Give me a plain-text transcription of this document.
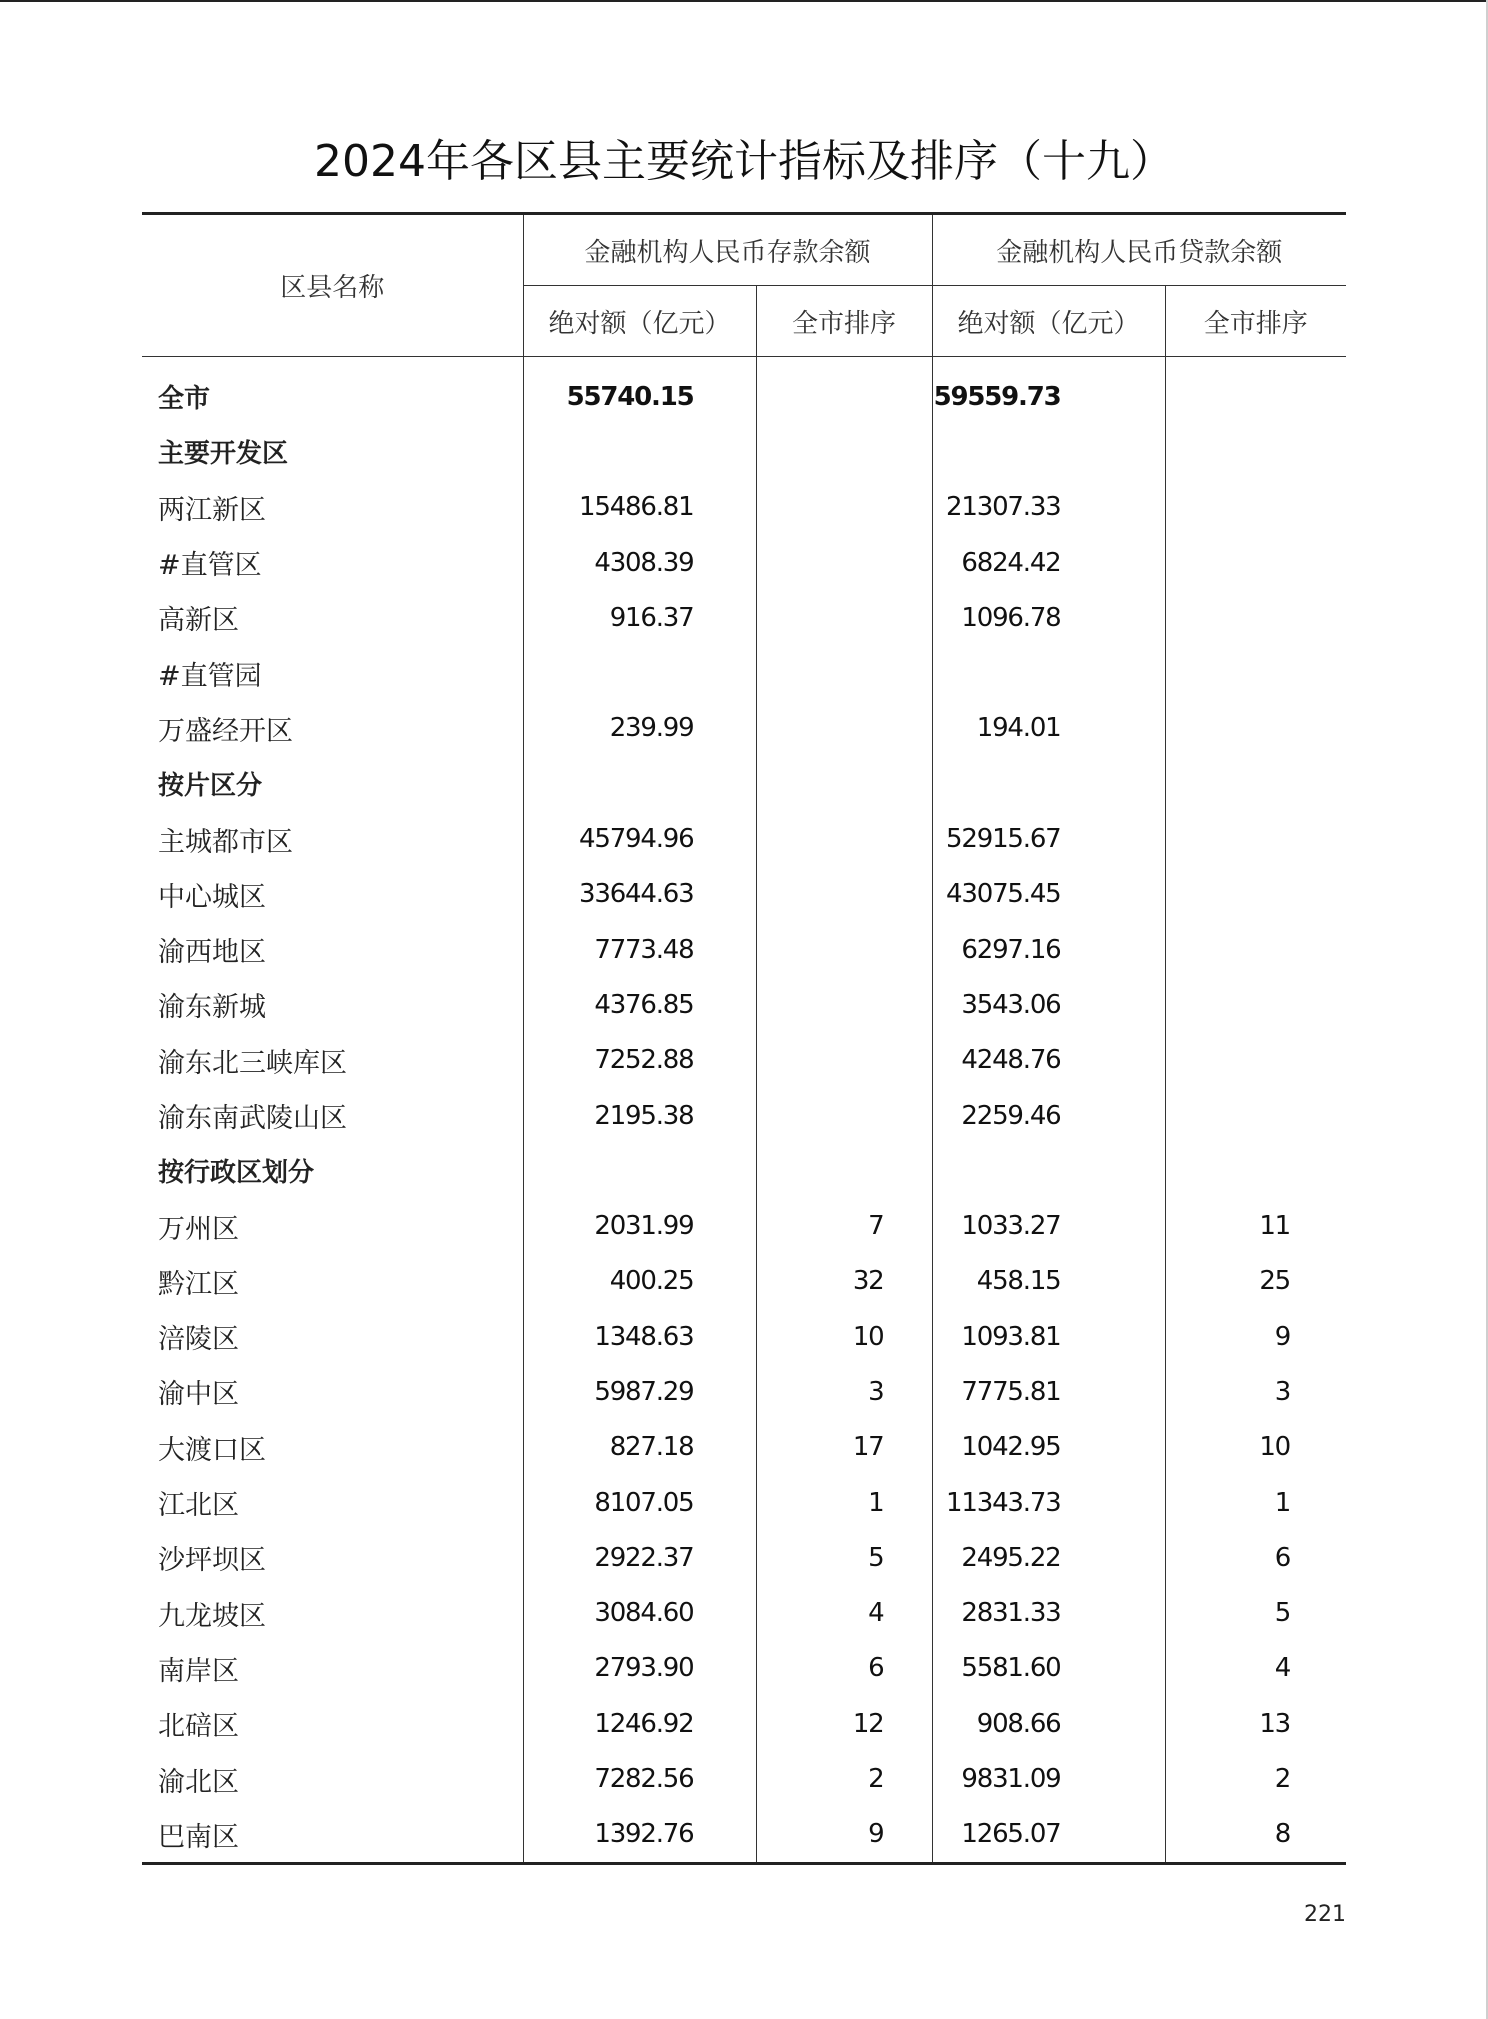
2024年各区县主要统计指标及排序（十九）
区县名称	金融机构人民币存款余额		金融机构人民币贷款余额	
	绝对额（亿元）	全市排序	绝对额（亿元）	全市排序
全市	55740.15		59559.73	
主要开发区				
两江新区	15486.81		21307.33	
#直管区	4308.39		6824.42	
高新区	916.37		1096.78	
#直管园				
万盛经开区	239.99		194.01	
按片区分				
主城都市区	45794.96		52915.67	
中心城区	33644.63		43075.45	
渝西地区	7773.48		6297.16	
渝东新城	4376.85		3543.06	
渝东北三峡库区	7252.88		4248.76	
渝东南武陵山区	2195.38		2259.46	
按行政区划分				
万州区	2031.99	7	1033.27	11
黔江区	400.25	32	458.15	25
涪陵区	1348.63	10	1093.81	9
渝中区	5987.29	3	7775.81	3
大渡口区	827.18	17	1042.95	10
江北区	8107.05	1	11343.73	1
沙坪坝区	2922.37	5	2495.22	6
九龙坡区	3084.60	4	2831.33	5
南岸区	2793.90	6	5581.60	4
北碚区	1246.92	12	908.66	13
渝北区	7282.56	2	9831.09	2
巴南区	1392.76	9	1265.07	8
221
